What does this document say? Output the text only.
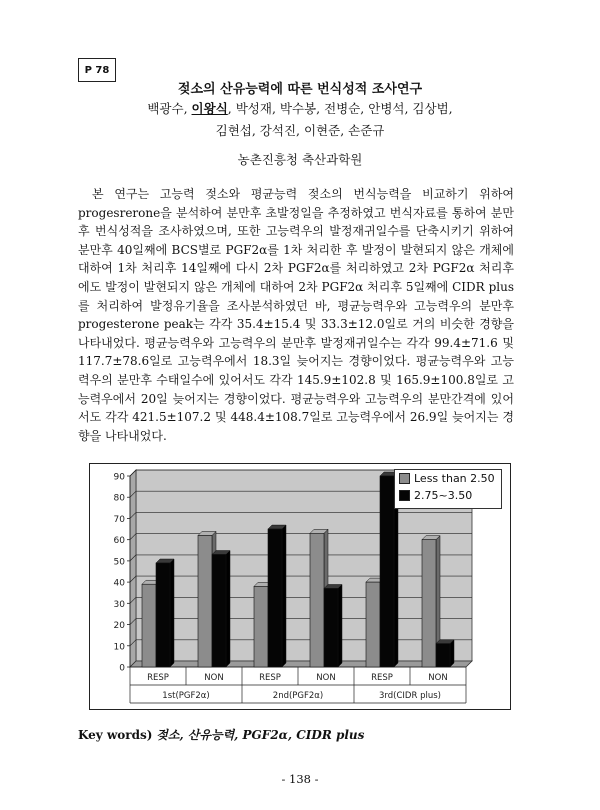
P 78
젖소의 산유능력에 따른 번식성적 조사연구
백광수, 이왕식, 박성재, 박수봉, 전병순, 안병석, 김상범,
김현섭, 강석진, 이현준, 손준규
농촌진흥청 축산과학원

본 연구는 고능력 젖소와 평균능력 젖소의 번식능력을 비교하기 위하여 progesrerone을 분석하여 분만후 초발정일을 추정하였고 번식자료를 통하여 분만후 번식성적을 조사하였으며, 또한 고능력우의 발정재귀일수를 단축시키기 위하여 분만후 40일째에 BCS별로 PGF2α를 1차 처리한 후 발정이 발현되지 않은 개체에 대하여 1차 처리후 14일째에 다시 2차 PGF2α를 처리하였고 2차 PGF2α 처리후에도 발정이 발현되지 않은 개체에 대하여 2차 PGF2α 처리후 5일째에 CIDR plus를 처리하여 발정유기율을 조사분석하였던 바, 평균능력우와 고능력우의 분만후 progesterone peak는 각각 35.4±15.4 및 33.3±12.0일로 거의 비슷한 경향을 나타내었다. 평균능력우와 고능력우의 분만후 발정재귀일수는 각각 99.4±71.6 및 117.7±78.6일로 고능력우에서 18.3일 늦어지는 경향이었다. 평균능력우와 고능력우의 분만후 수태일수에 있어서도 각각 145.9±102.8 및 165.9±100.8일로 고능력우에서 20일 늦어지는 경향이었다. 평균능력우와 고능력우의 분만간격에 있어서도 각각 421.5±107.2 및 448.4±108.7일로 고능력우에서 26.9일 늦어지는 경향을 나타내었다.

0
10
20
30
40
50
60
70
80
90
RESP	NON	RESP	NON	RESP	NON
1st(PGF2α)	2nd(PGF2α)	3rd(CIDR plus)
Less than 2.50
2.75~3.50
Key words) 젖소, 산유능력, PGF2α, CIDR plus
- 138 -
